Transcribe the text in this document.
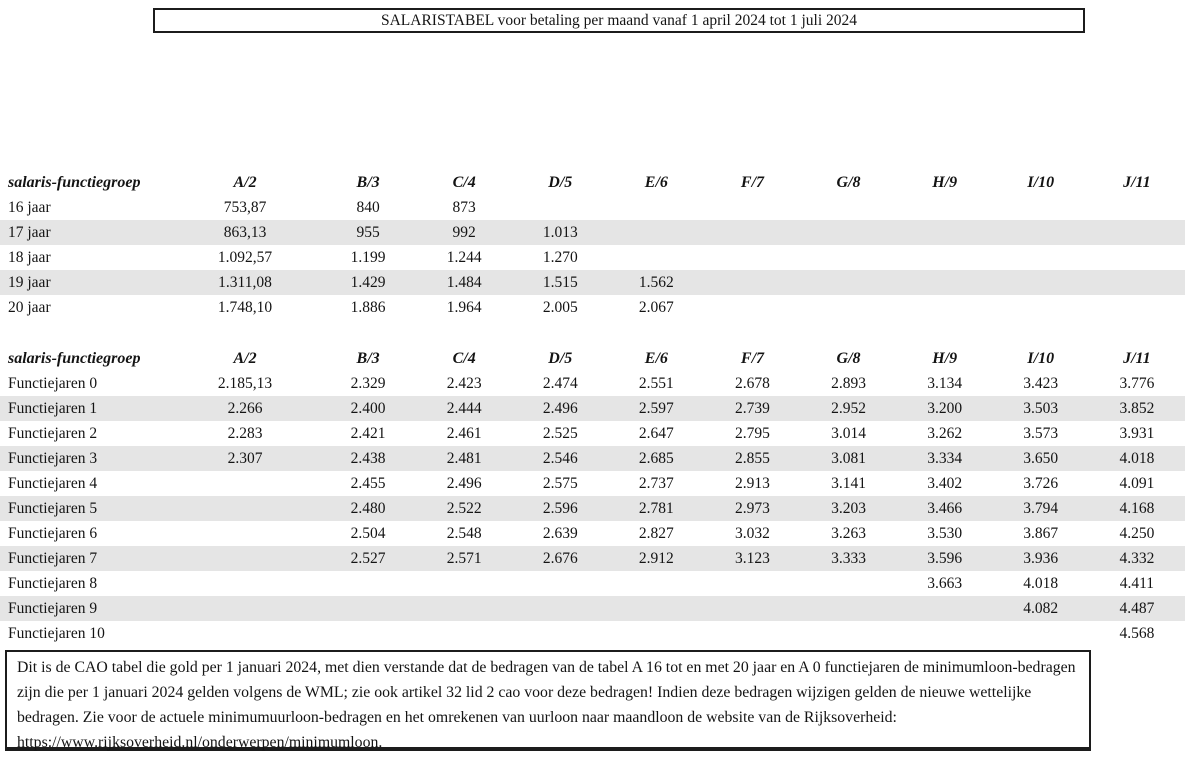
SALARISTABEL voor betaling per maand vanaf 1 april 2024 tot 1 juli 2024
salaris-functiegroep	A/2	B/3	C/4	D/5	E/6	F/7	G/8	H/9	I/10	J/11
16 jaar	753,87	840	873							
17 jaar	863,13	955	992	1.013						
18 jaar	1.092,57	1.199	1.244	1.270						
19 jaar	1.311,08	1.429	1.484	1.515	1.562					
20 jaar	1.748,10	1.886	1.964	2.005	2.067					
salaris-functiegroep	A/2	B/3	C/4	D/5	E/6	F/7	G/8	H/9	I/10	J/11
Functiejaren 0	2.185,13	2.329	2.423	2.474	2.551	2.678	2.893	3.134	3.423	3.776
Functiejaren 1	2.266	2.400	2.444	2.496	2.597	2.739	2.952	3.200	3.503	3.852
Functiejaren 2	2.283	2.421	2.461	2.525	2.647	2.795	3.014	3.262	3.573	3.931
Functiejaren 3	2.307	2.438	2.481	2.546	2.685	2.855	3.081	3.334	3.650	4.018
Functiejaren 4		2.455	2.496	2.575	2.737	2.913	3.141	3.402	3.726	4.091
Functiejaren 5		2.480	2.522	2.596	2.781	2.973	3.203	3.466	3.794	4.168
Functiejaren 6		2.504	2.548	2.639	2.827	3.032	3.263	3.530	3.867	4.250
Functiejaren 7		2.527	2.571	2.676	2.912	3.123	3.333	3.596	3.936	4.332
Functiejaren 8								3.663	4.018	4.411
Functiejaren 9									4.082	4.487
Functiejaren 10										4.568

Dit is de CAO tabel die gold per 1 januari 2024, met dien verstande dat de bedragen van de tabel A 16 tot en met 20 jaar en A 0 functiejaren de minimumloon-bedragen zijn die per 1 januari 2024 gelden volgens de WML; zie ook artikel 32 lid 2 cao voor deze bedragen! Indien deze bedragen wijzigen gelden de nieuwe wettelijke bedragen. Zie voor de actuele minimumuurloon-bedragen en het omrekenen van uurloon naar maandloon de website van de Rijksoverheid: https://www.rijksoverheid.nl/onderwerpen/minimumloon.
